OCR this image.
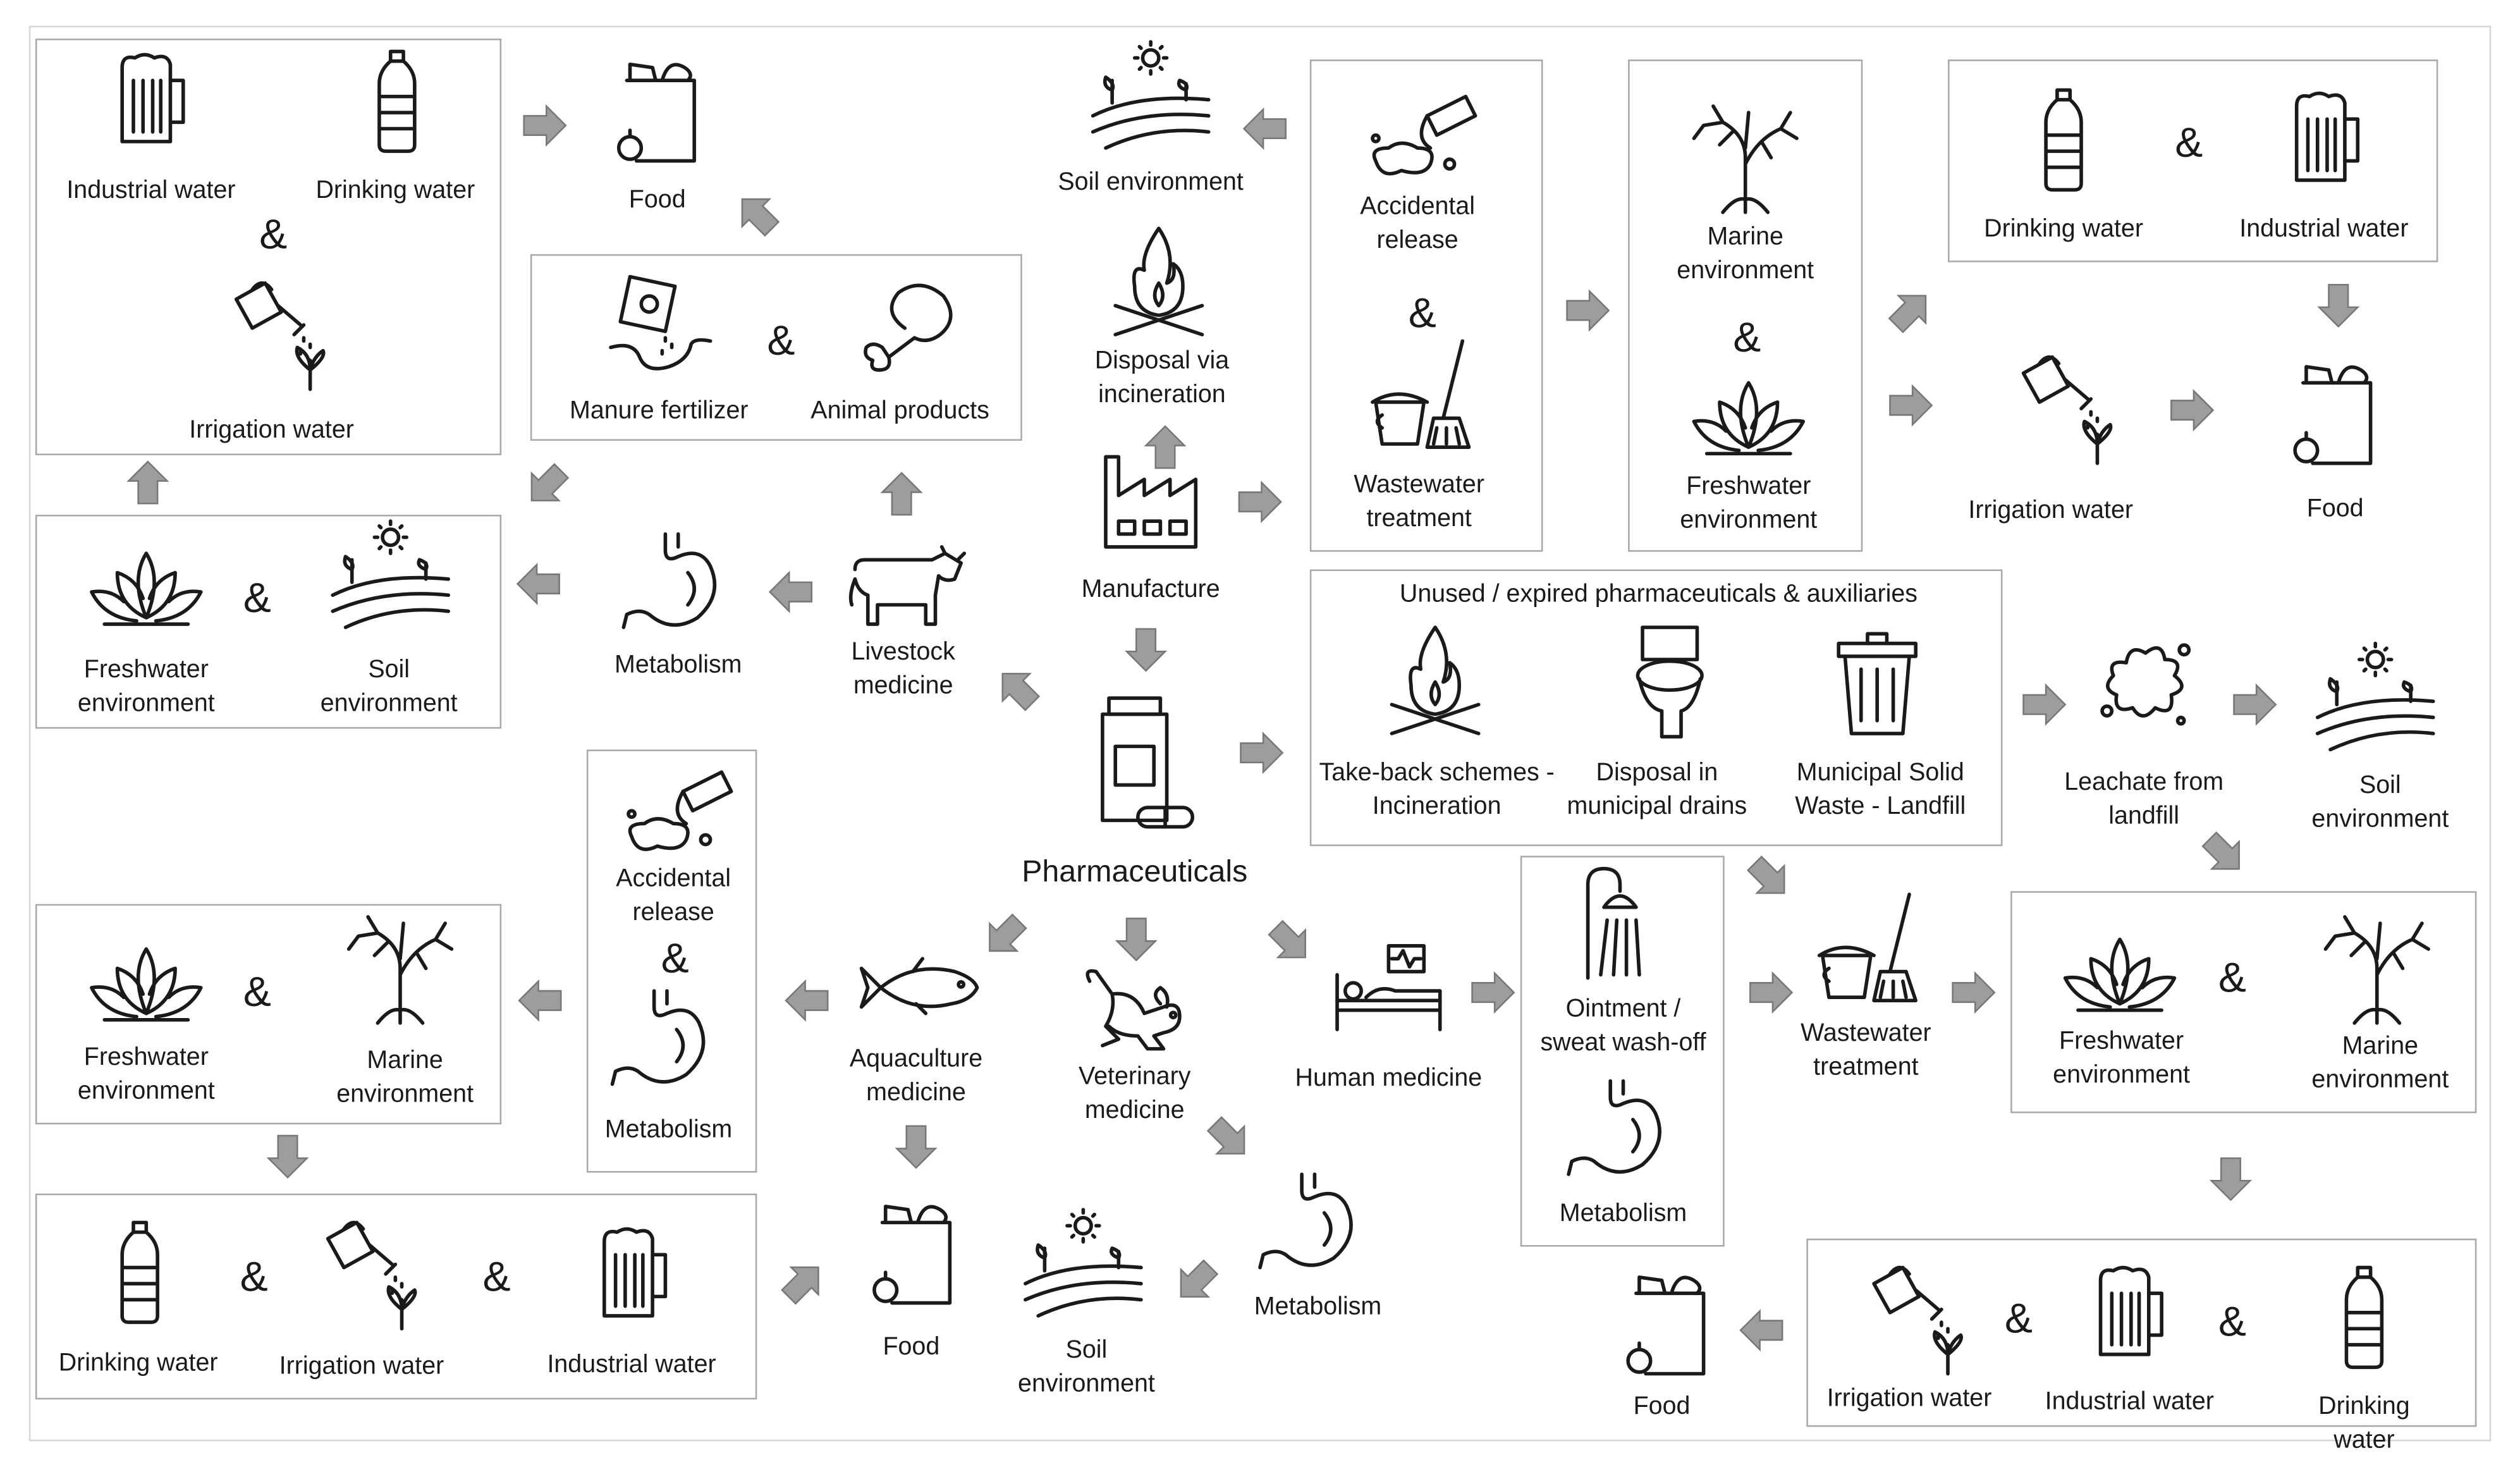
Industrial water	Drinking water
&
Irrigation water
Food
Manure fertilizer
&
Animal products
Soil environment
Disposal via
incineration
Manufacture
Pharmaceuticals
Accidental
release
&
Wastewater
treatment
Marine
environment
&
Freshwater
environment
Drinking water
&
Industrial water
Irrigation water	Food
Freshwater
environment
&
Soil
environment
Metabolism	Livestock
medicine
Unused / expired pharmaceuticals & auxiliaries
Take-back schemes -
Incineration
Disposal in
municipal drains
Municipal Solid
Waste - Landfill
Leachate from
landfill
Soil
environment
Accidental
release
&
Metabolism
Freshwater
environment
&
Marine
environment
Aquaculture
medicine
Veterinary
medicine
Human medicine
Ointment /
sweat wash-off
Metabolism
Wastewater
treatment
Freshwater
environment
&
Marine
environment
Drinking water
&
Irrigation water
&
Industrial water
Food	Soil
environment
Metabolism
Food	Irrigation water
&
Industrial water
&
Drinking water
